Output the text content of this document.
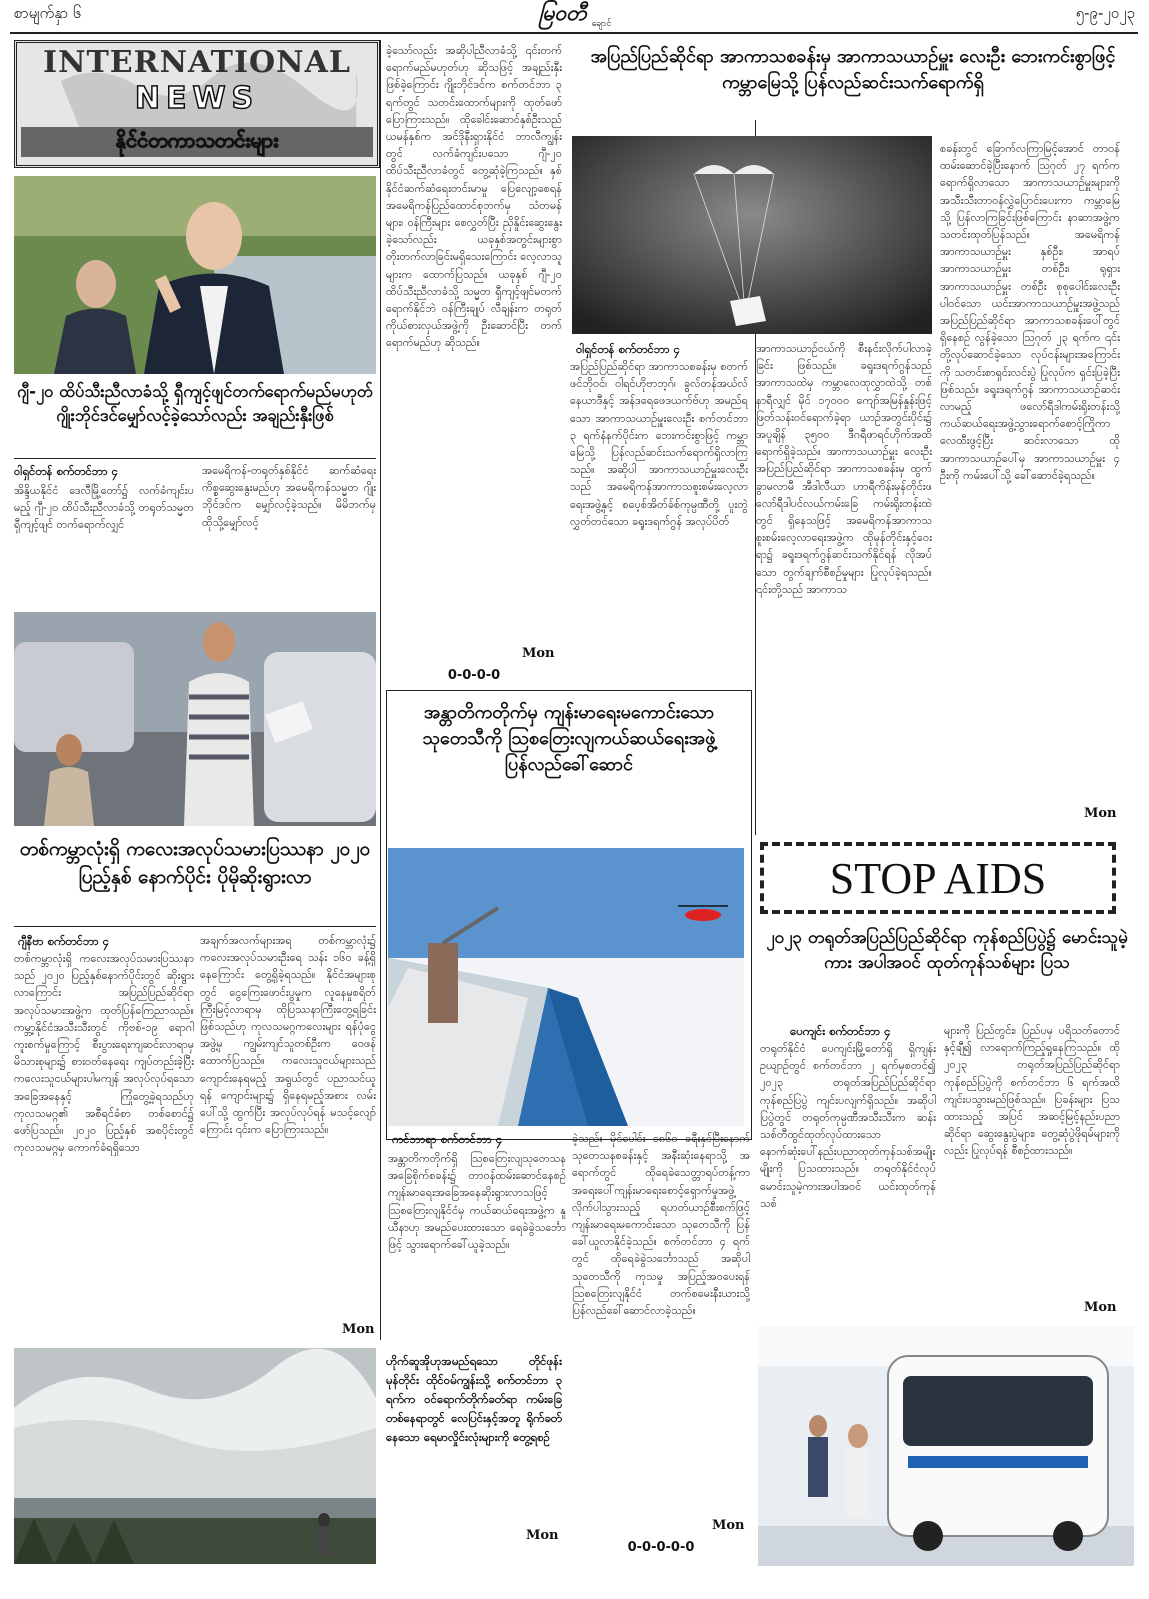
စာမျက်နှာ ၆	မြဝတီ ချောင်
၅-၉-၂၀၂၃
INTERNATIONAL
NEWS
နိုင်ငံတကာသတင်းများ
ဂျီ-၂၀ ထိပ်သီးညီလာခံသို့ ရှီကျင့်ဖျင်တက်ရောက်မည်မဟုတ် ဂျိုးဘိုင်ဒင်မျှော်လင့်ခဲ့သော်လည်း အချည်းနှီးဖြစ်
ဝါရှင်တန် စက်တင်ဘာ ၄
အိန္ဒိယနိုင်ငံ ဒေလီမြို့တော်၌ လက်ခံကျင်းပမည့် ဂျီ-၂၀ ထိပ်သီးညီလာခံသို့ တရုတ်သမ္မတ ရှီကျင့်ဖျင် တက်ရောက်လျှင်
အမေရိကန်-တရုတ်နှစ်နိုင်ငံ ဆက်ဆံရေးကိစ္စဆွေးနွေးမည်ဟု အမေရိကန်သမ္မတ ဂျိုးဘိုင်ဒင်က မျှော်လင့်ခဲ့သည်။ မိမိဘက်မှ ထိုသို့မျှော်လင့်
ခဲ့သော်လည်း အဆိုပါညီလာခံသို့ ၎င်းတက်ရောက်မည်မဟုတ်ဟု ဆိုသဖြင့် အချည်းနှီးဖြစ်ခဲ့ကြောင်း ဂျိုးဘိုင်ဒင်က စက်တင်ဘာ ၃ ရက်တွင် သတင်းထောက်များကို ထုတ်ဖော်ပြောကြားသည်။ ထိုခေါင်းဆောင်နှစ်ဦးသည် ယမန်နှစ်က အင်ဒိုနီးရှားနိုင်ငံ ဘာလီကျွန်းတွင် လက်ခံကျင်းပသော ဂျီ-၂၀ ထိပ်သီးညီလာခံတွင် တွေ့ဆုံခဲ့ကြသည်။ နှစ်နိုင်ငံဆက်ဆံရေးတင်းမာမှု ပြေလျော့စေရန် အမေရိကန်ပြည်ထောင်စုဘက်မှ သံတမန်များ၊ ဝန်ကြီးများ စေလွှတ်ပြီး ညှိနှိုင်းဆွေးနွေးခဲ့သော်လည်း ယခုနှစ်အတွင်းများစွာ တိုးတက်လာခြင်းမရှိသေးကြောင်း လေ့လာသူများက ထောက်ပြသည်။ ယခုနှစ် ဂျီ-၂၀ ထိပ်သီးညီလာခံသို့ သမ္မတ ရှီကျင့်ဖျင်မတက်ရောက်နိုင်ဘဲ ဝန်ကြီးချုပ် လီချန်းက တရုတ်ကိုယ်စားလှယ်အဖွဲ့ကို ဦးဆောင်ပြီး တက်ရောက်မည်ဟု ဆိုသည်။
Mon
0-0-0-0
အပြည်ပြည်ဆိုင်ရာ အာကာသစခန်းမှ အာကာသယာဉ်မှူး လေးဦး ဘေးကင်းစွာဖြင့် ကမ္ဘာမြေသို့ ပြန်လည်ဆင်းသက်ရောက်ရှိ
ဝါရှင်တန် စက်တင်ဘာ ၄
အပြည်ပြည်ဆိုင်ရာ အာကာသစခန်းမှ စတက်ဖင်ဘိုဝင်၊ ဝါရင်ဟိုဗာဘ့ဂ်၊ ခွလ်တန်အယ်လ်နေယာဒီနှင့် အန်ဒရေဖေဒယက်ဗ်ဟု အမည်ရသော အာကာသယာဉ်မှူးလေးဦး စက်တင်ဘာ ၃ ရက်နံနက်ပိုင်းက ဘေးကင်းစွာဖြင့် ကမ္ဘာမြေသို့ ပြန်လည်ဆင်းသက်ရောက်ရှိလာကြသည်။ အဆိုပါ အာကာသယာဉ်မှူးလေးဦးသည် အမေရိကန်အာကာသစူးစမ်းလေ့လာရေးအဖွဲ့နှင့် စပေ့စ်အိတ်ခ်စ်ကုမ္ပဏီတို့ ပူးတွဲလွှတ်တင်သော ခရူးဒရက်ဂွန် အလုပ်ပိတ်
အာကာသယာဉ်ငယ်ကို စီးနင်းလိုက်ပါလာခဲ့ခြင်း ဖြစ်သည်။ ခရူးဒရက်ဂွန်သည် အာကာသထဲမှ ကမ္ဘာလေထုလွှာထဲသို့ တစ်နာရီလျှင် မိုင် ၁၇၀၀၀ ကျော်အမြန်နှုန်းဖြင့် ဖြတ်သန်းဝင်ရောက်ခဲ့ရာ ယာဉ်အတွင်းပိုင်း၌ အပူချိန် ၃၅၀၀ ဒီဂရီဖာရင်ဟိုက်အထိ ရောက်ရှိခဲ့သည်။ အာကာသယာဉ်မှူး လေးဦး အပြည်ပြည်ဆိုင်ရာ အာကာသစခန်းမှ ထွက်ခွာမလာမီ အီဒါလီယာ ဟာရီကိန်းမုန်တိုင်းဖလော်ရီဒါပင်လယ်ကမ်းခြေ ကမ်းရိုးတန်းထဲတွင် ရှိနေသဖြင့် အမေရိကန်အာကာသစူးစမ်းလေ့လာရေးအဖွဲ့က ထိုမုန်တိုင်းနှင့်ဝေးရာ၌ ခရူးဒရက်ဂွန်ဆင်းသက်နိုင်ရန် လိုအပ်သော တွက်ချက်စီစဉ်မှုများ ပြုလုပ်ခဲ့ရသည်။ ၎င်းတို့သည် အာကာသ
စခန်းတွင် ခြောက်လကြာမြင့်အောင် တာဝန်ထမ်းဆောင်ခဲ့ပြီးနောက် ဩဂုတ် ၂၇ ရက်က ရောက်ရှိလာသော အာကာသယာဉ်မှူးများကို အသီးသီးတာဝန်လွှဲပြောင်းပေးကာ ကမ္ဘာမြေသို့ ပြန်လာကြခြင်းဖြစ်ကြောင်း နာဆာအဖွဲ့က သတင်းထုတ်ပြန်သည်။ အမေရိကန်အာကာသယာဉ်မှူး နှစ်ဦး၊ အာရပ်အာကာသယာဉ်မှူး တစ်ဦး၊ ရုရှားအာကာသယာဉ်မှူး တစ်ဦး စုစုပေါင်းလေးဦး ပါဝင်သော ယင်းအာကာသယာဉ်မှူးအဖွဲ့သည် အပြည်ပြည်ဆိုင်ရာ အာကာသစခန်းပေါ်တွင် ရှိနေစဉ် လွန်ခဲ့သော ဩဂုတ် ၂၃ ရက်က ၎င်းတို့လုပ်ဆောင်ခဲ့သော လုပ်ငန်းများအကြောင်းကို သတင်းစာရှင်းလင်းပွဲ ပြုလုပ်က ရှင်းပြခဲ့ပြီး ဖြစ်သည်။ ခရူးဒရက်ဂွန် အာကာသယာဉ်ဆင်းလာမည့် ဖလော်ရီဒါကမ်းရိုးတန်းသို့ ကယ်ဆယ်ရေးအဖွဲ့သွားရောက်စောင့်ကြိုကာ လေထီးဖွင့်ပြီး ဆင်းလာသော ထိုအာကာသယာဉ်ပေါ်မှ အာကာသယာဉ်မှူး ၄ ဦးကို ကမ်းပေါ်သို့ ခေါ်ဆောင်ခဲ့ရသည်။
Mon
တစ်ကမ္ဘာလုံးရှိ ကလေးအလုပ်သမားပြဿနာ ၂၀၂၀ ပြည့်နှစ် နောက်ပိုင်း ပိုမိုဆိုးရွားလာ
ဂျီနီဗာ စက်တင်ဘာ ၄
တစ်ကမ္ဘာလုံးရှိ ကလေးအလုပ်သမားပြဿနာသည် ၂၀၂၀ ပြည့်နှစ်နောက်ပိုင်းတွင် ဆိုးရွားလာကြောင်း အပြည်ပြည်ဆိုင်ရာ အလုပ်သမားအဖွဲ့က ထုတ်ပြန်ကြေညာသည်။ ကမ္ဘာ့နိုင်ငံအသီးသီးတွင် ကိုဗစ်-၁၉ ရောဂါ ကူးစက်မှုကြောင့် စီးပွားရေးကျဆင်းလာရာမှ မိသားစုများ၌ စားဝတ်နေရေး ကျပ်တည်းခဲ့ပြီး ကလေးသူငယ်များပါမကျန် အလုပ်လုပ်ရသော အခြေအနေနှင့် ကြုံတွေ့ခဲ့ရသည်ဟု ကုလသမဂ္ဂ၏ အစီရင်ခံစာ တစ်စောင်၌ ဖော်ပြသည်။ ၂၀၂၀ ပြည့်နှစ် အစပိုင်းတွင် ကုလသမဂ္ဂမှ ကောက်ခံရရှိသော
အချက်အလက်များအရ တစ်ကမ္ဘာလုံး၌ ကလေးအလုပ်သမားဦးရေ သန်း ၁၆၀ ခန့်ရှိနေကြောင်း တွေ့ရှိခဲ့ရသည်။ နိုင်ငံအများစုတွင် ငွေကြေးဖောင်းပွမှုက လူနေမှုစရိတ်ကြီးမြင့်လာရာမှ ထိုပြဿနာကြီးတွေ့ရခြင်းဖြစ်သည်ဟု ကုလသမဂ္ဂကလေးများ ရန်ပုံငွေအဖွဲ့မှ ကျွမ်းကျင်သူတစ်ဦးက ဝေဖန်ထောက်ပြသည်။ ကလေးသူငယ်များသည် ကျောင်းနေရမည့် အရွယ်တွင် ပညာသင်ယူရန် ကျောင်းများ၌ ရှိနေရမည့်အစား လမ်းပေါ်သို့ ထွက်ပြီး အလုပ်လုပ်ရန် မသင့်လျော်ကြောင်း ၎င်းက ပြောကြားသည်။
Mon
အန္တာတိကတိုက်မှ ကျန်းမာရေးမကောင်းသော သုတေသီကို ဩစတြေးလျကယ်ဆယ်ရေးအဖွဲ့ ပြန်လည်ခေါ်ဆောင်
ကင်ဘာရာ စက်တင်ဘာ ၄
အန္တာတိကတိုက်ရှိ ဩစတြေးလျသုတေသန အခြေစိုက်စခန်း၌ တာဝန်ထမ်းဆောင်နေစဉ် ကျန်းမာရေးအခြေအနေဆိုးရွားလာသဖြင့် ဩစတြေးလျနိုင်ငံမှ ကယ်ဆယ်ရေးအဖွဲ့က နူယီနာဟု အမည်ပေးထားသော ရေခဲခွဲသင်္ဘောဖြင့် သွားရောက်ခေါ်ယူခဲ့သည်။
ခဲ့သည်။ မိုင်ပေါင်း ၁၈၆၀ ခရီးနှင်ပြီးနောက် သုတေသနစခန်းနှင့် အနီးဆုံးနေရာသို့ အရောက်တွင် ထိုရေခဲသေတ္တာရပ်တန့်ကာ အရေးပေါ်ကျန်းမာရေးစောင့်ရှောက်မှုအဖွဲ့လိုက်ပါသွားသည့် ရဟတ်ယာဉ်စီးစက်ဖြင့် ကျန်းမာရေးမကောင်းသော သုတေသီကို ပြန်ခေါ်ယူလာနိုင်ခဲ့သည်။ စက်တင်ဘာ ၄ ရက်တွင် ထိုရေခဲခွဲသင်္ဘောသည် အဆိုပါသုတေသီကို ကုသမှု အပြည့်အဝပေးရန် ဩစတြေးလျနိုင်ငံ တက်စမေးနီးယားသို့ ပြန်လည်ခေါ်ဆောင်လာခဲ့သည်။
Mon
0-0-0-0-0
ဟိုက်ဆူအိုဟုအမည်ရသော တိုင်ဖုန်းမုန်တိုင်း ထိုင်ဝမ်ကျွန်းသို့ စက်တင်ဘာ ၃ ရက်က ဝင်ရောက်တိုက်ခတ်ရာ ကမ်းခြေတစ်နေရာတွင် လေပြင်းနှင့်အတူ ရိုက်ခတ်နေသော ရေမာလှိုင်းလုံးများကို တွေ့ရစဉ်
Mon
STOP AIDS
၂၀၂၃ တရုတ်အပြည်ပြည်ဆိုင်ရာ ကုန်စည်ပြပွဲ၌ မောင်းသူမဲ့ကား အပါအဝင် ထုတ်ကုန်သစ်များ ပြသ
ပေကျင်း စက်တင်ဘာ ၄
တရုတ်နိုင်ငံ ပေကျင်းမြို့တော်ရှိ ရှိကျန်းဥယျာဉ်တွင် စက်တင်ဘာ ၂ ရက်မှစတင်၍ ၂၀၂၃ တရုတ်အပြည်ပြည်ဆိုင်ရာ ကုန်စည်ပြပွဲ ကျင်းပလျက်ရှိသည်။ အဆိုပါပြပွဲတွင် တရုတ်ကုမ္ပဏီအသီးသီးက ဆန်းသစ်တီထွင်ထုတ်လုပ်ထားသော နောက်ဆုံးပေါ်နည်းပညာထုတ်ကုန်သစ်အမျိုးမျိုးကို ပြသထားသည်။ တရုတ်နိုင်ငံလုပ် မောင်းသူမဲ့ကားအပါအဝင် ယင်းထုတ်ကုန်သစ်
များကို ပြည်တွင်း၊ ပြည်ပမှ ပရိသတ်တောင်နှင့်ချီ၍ လာရောက်ကြည့်ရှုနေကြသည်။ ထို ၂၀၂၃ တရုတ်အပြည်ပြည်ဆိုင်ရာ ကုန်စည်ပြပွဲကို စက်တင်ဘာ ၆ ရက်အထိ ကျင်းပသွားမည်ဖြစ်သည်။ ပြခန်းများ ပြသထားသည့် အပြင် အဆင့်မြင့်နည်းပညာဆိုင်ရာ ဆွေးနွေးပွဲများ၊ တွေ့ဆုံပွဲဖိုရမ်များကိုလည်း ပြုလုပ်ရန် စီစဉ်ထားသည်။
Mon
